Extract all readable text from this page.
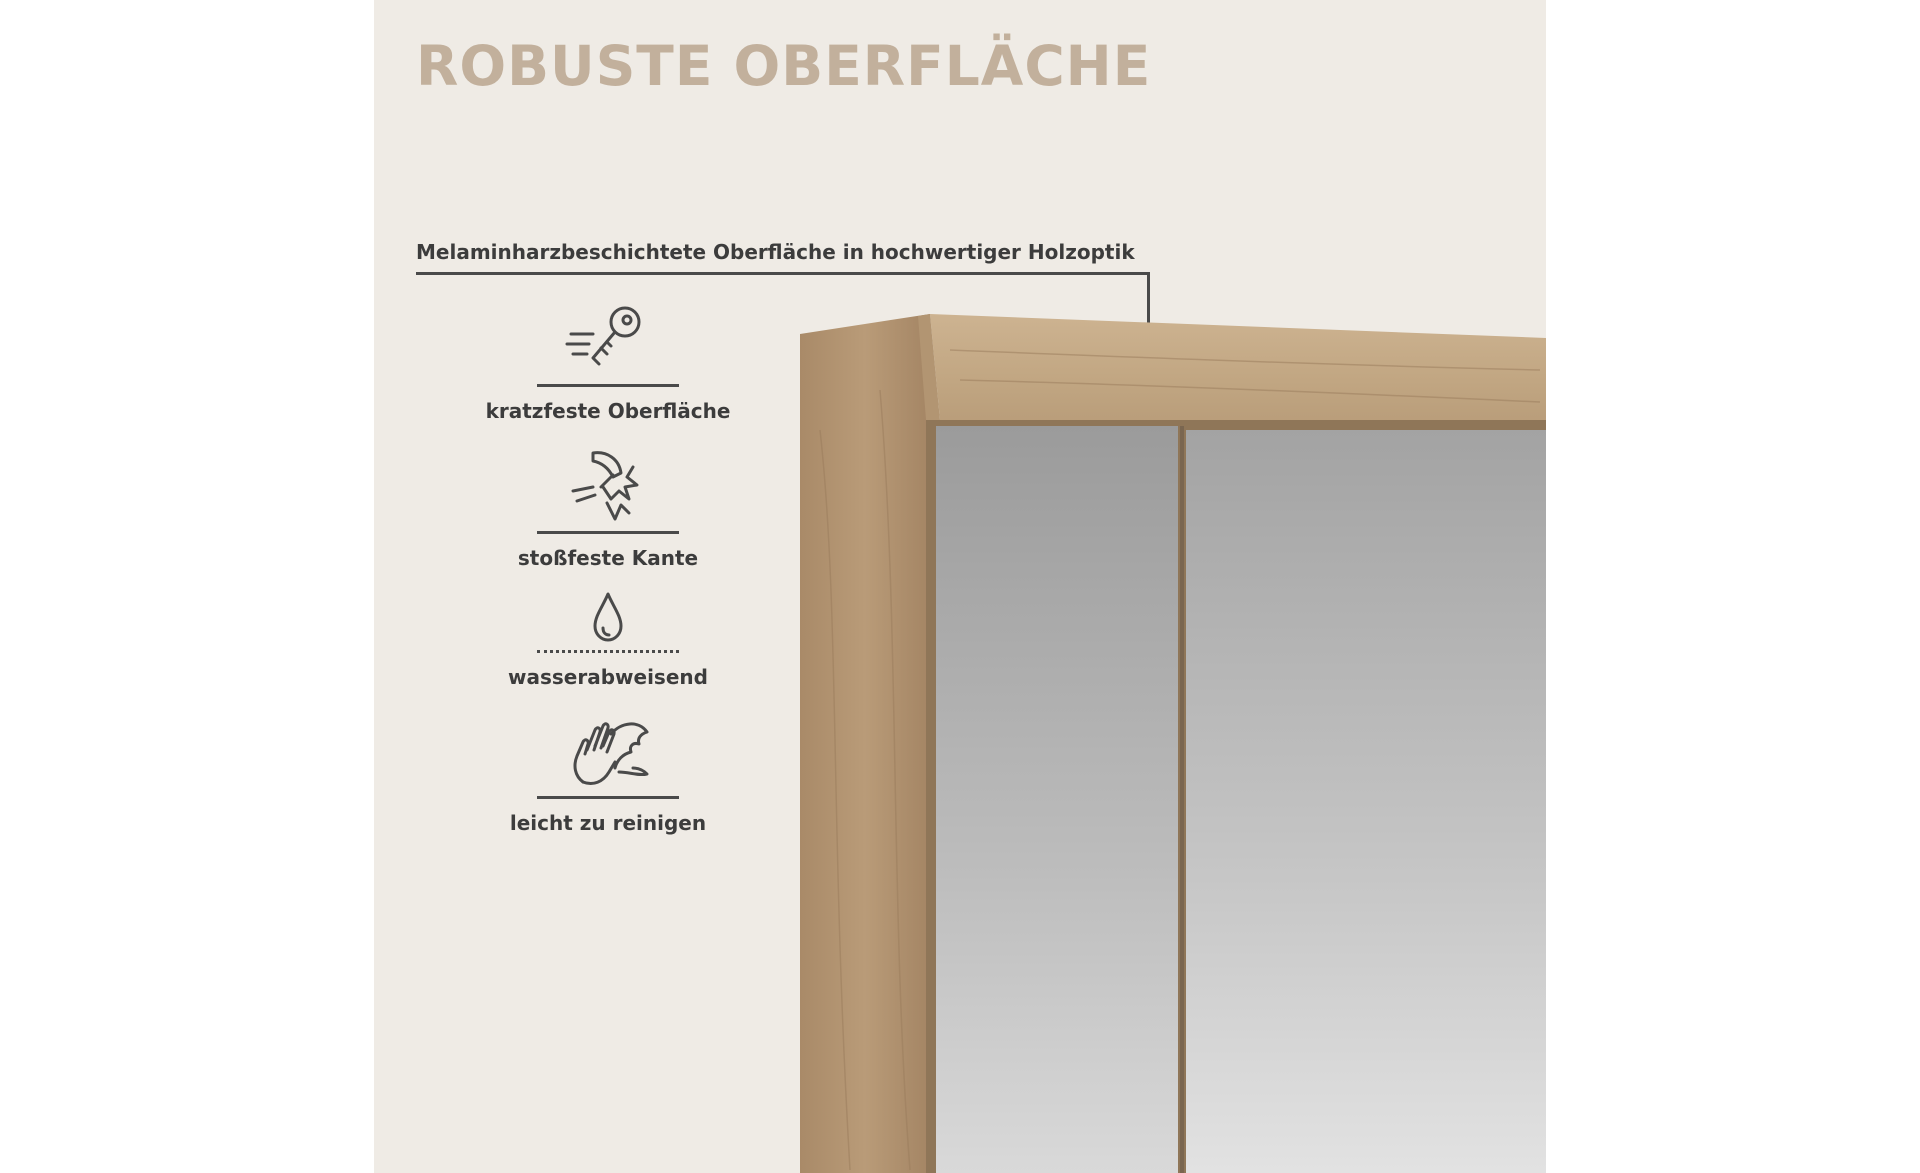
ROBUSTE OBERFLÄCHE
Melaminharzbeschichtete Oberfläche in hochwertiger Holzoptik
kratzfeste Oberfläche
stoßfeste Kante
wasserabweisend
leicht zu reinigen
